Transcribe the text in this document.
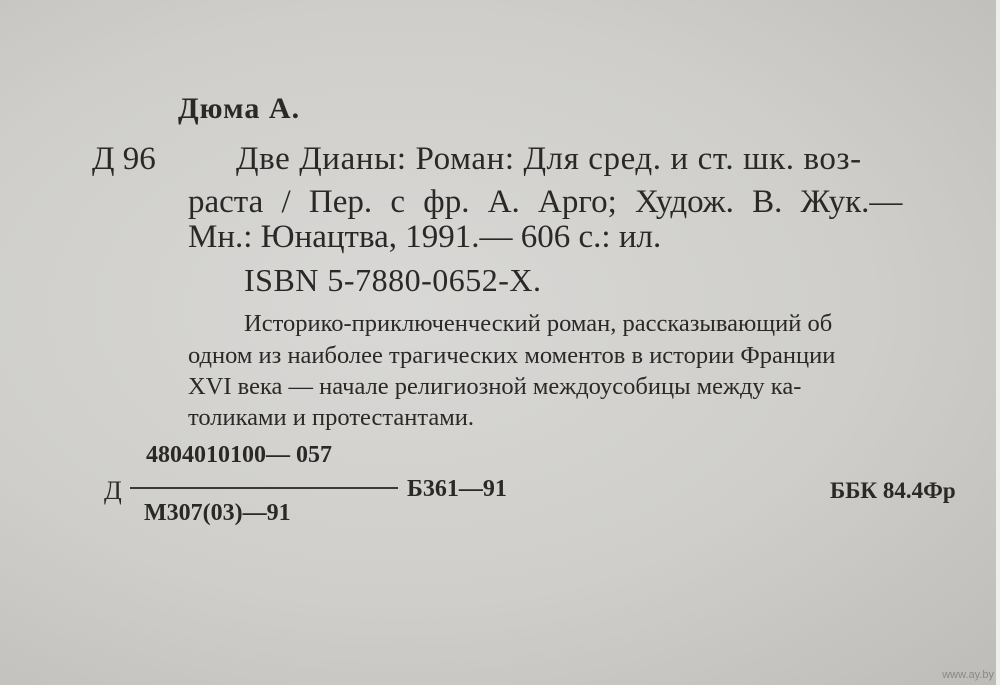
Дюма А.
Д 96 Две Дианы: Роман: Для сред. и ст. шк. воз-
раста / Пер. с фр. А. Арго; Худож. В. Жук.—
Мн.: Юнацтва, 1991.— 606 с.: ил.
ISBN 5-7880-0652-X.
Историко-приключенческий роман, рассказывающий об
одном из наиболее трагических моментов в истории Франции
XVI века — начале религиозной междоусобицы между ка-
толиками и протестантами.
4804010100— 057
Д	Б361—91
М307(03)—91
ББК 84.4Фр
www.ay.by
